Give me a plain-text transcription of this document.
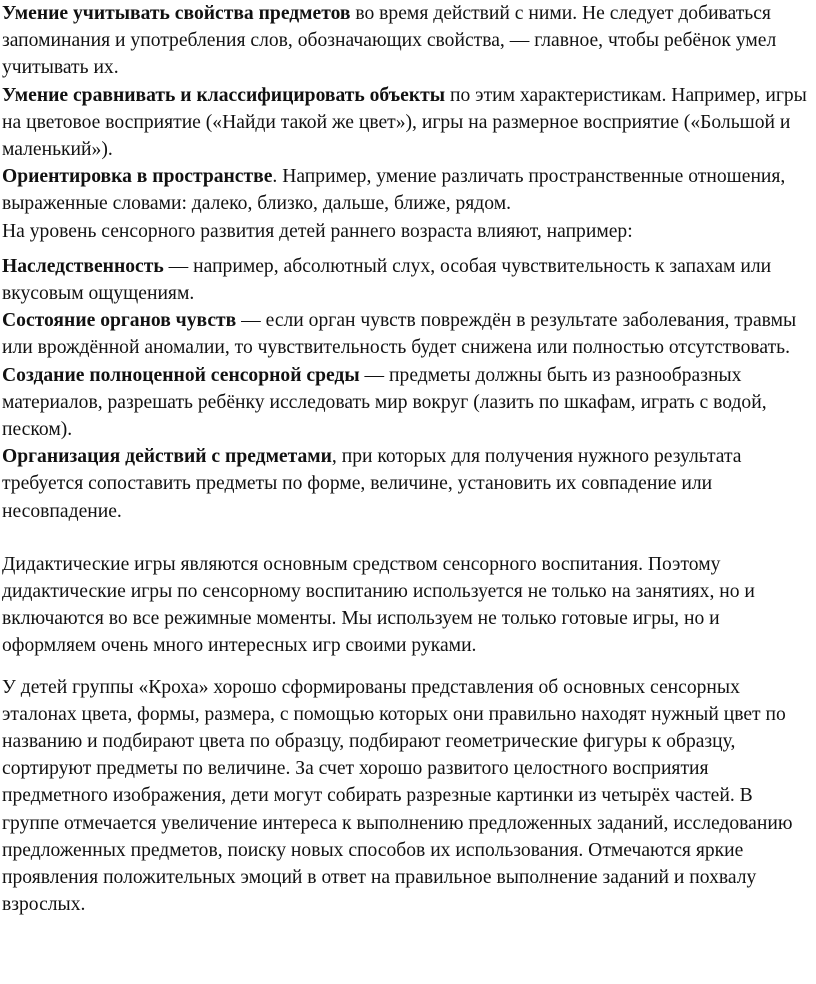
Умение учитывать свойства предметов во время действий с ними. Не следует добиваться запоминания и употребления слов, обозначающих свойства, — главное, чтобы ребёнок умел учитывать их.

Умение сравнивать и классифицировать объекты по этим характеристикам. Например, игры на цветовое восприятие («Найди такой же цвет»), игры на размерное восприятие («Большой и маленький»).

Ориентировка в пространстве. Например, умение различать пространственные отношения, выраженные словами: далеко, близко, дальше, ближе, рядом.

На уровень сенсорного развития детей раннего возраста влияют, например:

Наследственность — например, абсолютный слух, особая чувствительность к запахам или вкусовым ощущениям.

Состояние органов чувств — если орган чувств повреждён в результате заболевания, травмы или врождённой аномалии, то чувствительность будет снижена или полностью отсутствовать.

Создание полноценной сенсорной среды — предметы должны быть из разнообразных материалов, разрешать ребёнку исследовать мир вокруг (лазить по шкафам, играть с водой, песком).

Организация действий с предметами, при которых для получения нужного результата требуется сопоставить предметы по форме, величине, установить их совпадение или несовпадение.

Дидактические игры являются основным средством сенсорного воспитания. Поэтому дидактические игры по сенсорному воспитанию используется не только на занятиях, но и включаются во все режимные моменты. Мы используем не только готовые игры, но и оформляем очень много интересных игр своими руками.

У детей группы «Кроха» хорошо сформированы представления об основных сенсорных эталонах цвета, формы, размера, с помощью которых они правильно находят нужный цвет по названию и подбирают цвета по образцу, подбирают геометрические фигуры к образцу, сортируют предметы по величине. За счет хорошо развитого целостного восприятия предметного изображения, дети могут собирать разрезные картинки из четырёх частей. В группе отмечается увеличение интереса к выполнению предложенных заданий, исследованию предложенных предметов, поиску новых способов их использования. Отмечаются яркие проявления положительных эмоций в ответ на правильное выполнение заданий и похвалу взрослых.
